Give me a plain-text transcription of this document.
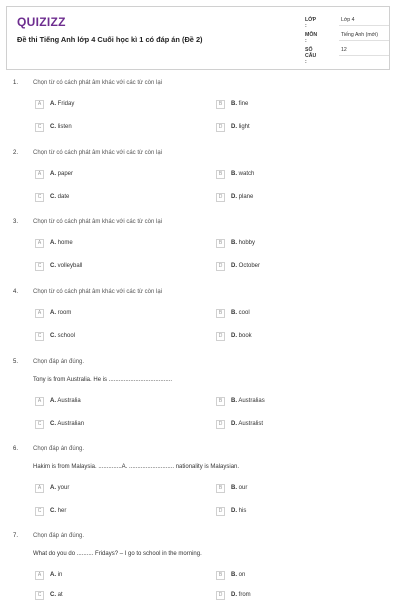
QUIZIZZ
Đề thi Tiếng Anh lớp 4 Cuối học kì 1 có đáp án (Đề 2)
LỚP :
Lớp 4
MÔN :
Tiếng Anh (mới)
SỐ CÂU :
12
1. Chọn từ có cách phát âm khác với các từ còn lại
A	A. Friday	B	B. fine
C	C. listen	D	D. light
2. Chọn từ có cách phát âm khác với các từ còn lại
A	A. paper	B	B. watch
C	C. date	D	D. plane
3. Chọn từ có cách phát âm khác với các từ còn lại
A	A. home	B	B. hobby
C	C. volleyball	D	D. October
4. Chọn từ có cách phát âm khác với các từ còn lại
A	A. room	B	B. cool
C	C. school	D	D. book
5. Chọn đáp án đúng.
Tony is from Australia. He is ......................................
A	A. Australia	B	B. Australias
C	C. Australian	D	D. Australist
6. Chọn đáp án đúng.
Hakim is from Malaysia. ..............A. ........................... nationality is Malaysian.
A	A. your	B	B. our
C	C. her	D	D. his
7. Chọn đáp án đúng.
What do you do .......... Fridays? – I go to school in the morning.
A	A. in	B	B. on
C	C. at	D	D. from
